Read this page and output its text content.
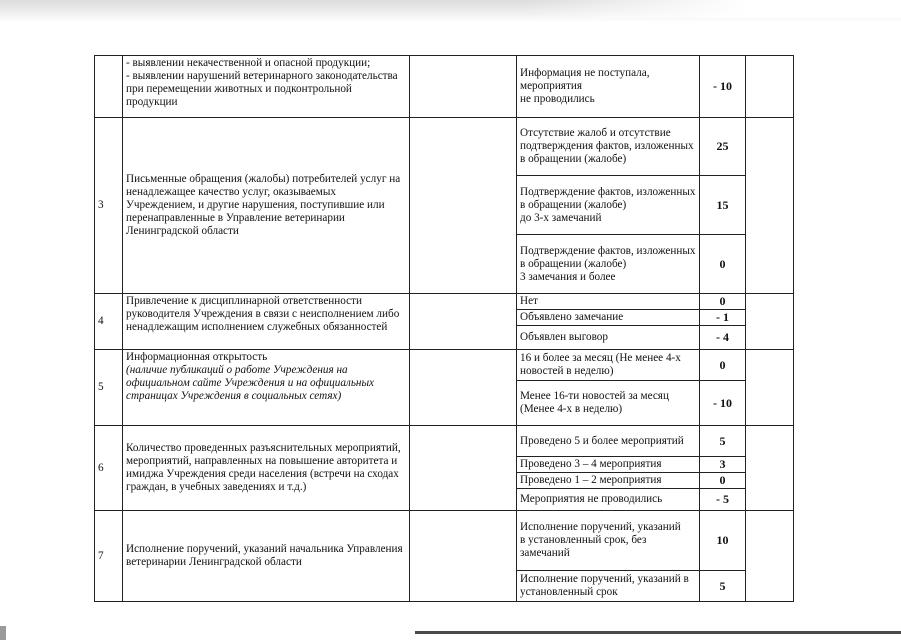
	- выявлении некачественной и опасной продукции;
- выявлении нарушений ветеринарного законодательства при перемещении животных и подконтрольной продукции		Информация не поступала,
мероприятия
не проводились	- 10	
3	Письменные обращения (жалобы) потребителей услуг на ненадлежащее качество услуг, оказываемых Учреждением, и другие нарушения, поступившие или перенаправленные в Управление ветеринарии Ленинградской области		Отсутствие жалоб и отсутствие подтверждения фактов, изложенных в обращении (жалобе)	25	
			Подтверждение фактов, изложенных в обращении (жалобе)
до 3-х замечаний	15	
			Подтверждение фактов, изложенных в обращении (жалобе)
3 замечания и более	0	
4	Привлечение к дисциплинарной ответственности руководителя Учреждения в связи с неисполнением либо ненадлежащим исполнением служебных обязанностей		Нет	0	
			Объявлено замечание	- 1	
			Объявлен выговор	- 4	
5	Информационная открытость
(наличие публикаций о работе Учреждения на официальном сайте Учреждения и на официальных страницах Учреждения в социальных сетях)		16 и более за месяц (Не менее 4-х новостей в неделю)	0	
			Менее 16-ти новостей за месяц (Менее 4-х в неделю)	- 10	
6	Количество проведенных разъяснительных мероприятий, мероприятий, направленных на повышение авторитета и имиджа Учреждения среди населения (встречи на сходах граждан, в учебных заведениях и т.д.)		Проведено 5 и более мероприятий	5	
			Проведено 3 – 4 мероприятия	3	
			Проведено 1 – 2 мероприятия	0	
			Мероприятия не проводились	- 5	
7	Исполнение поручений, указаний начальника Управления ветеринарии Ленинградской области		Исполнение поручений, указаний
в установленный срок, без замечаний	10	
			Исполнение поручений, указаний в установленный срок	5	
